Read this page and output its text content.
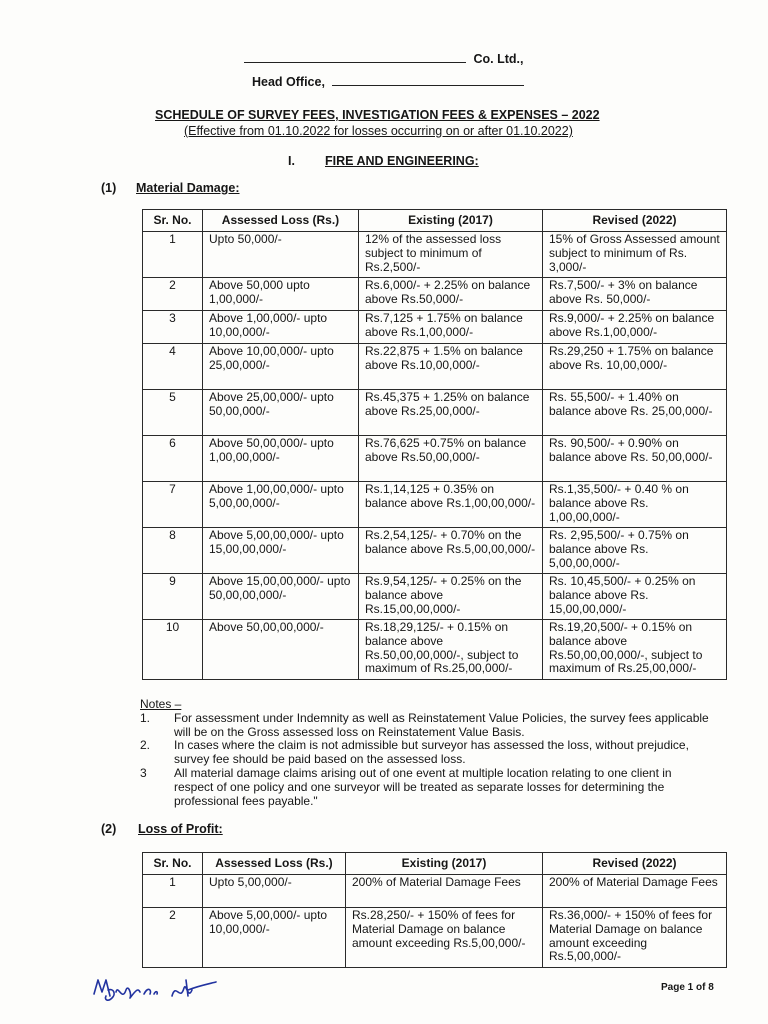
Co. Ltd.,
Head Office,
SCHEDULE OF SURVEY FEES, INVESTIGATION FEES & EXPENSES – 2022
(Effective from 01.10.2022 for losses occurring on or after 01.10.2022)
I. FIRE AND ENGINEERING:
(1) Material Damage:
Sr. No.	Assessed Loss (Rs.)	Existing (2017)	Revised (2022)
1	Upto 50,000/-	12% of the assessed loss subject to minimum of Rs.2,500/-	15% of Gross Assessed amount subject to minimum of Rs. 3,000/-
2	Above 50,000 upto 1,00,000/-	Rs.6,000/- + 2.25% on balance above Rs.50,000/-	Rs.7,500/- + 3% on balance above Rs. 50,000/-
3	Above 1,00,000/- upto 10,00,000/-	Rs.7,125 + 1.75% on balance above Rs.1,00,000/-	Rs.9,000/- + 2.25% on balance above Rs.1,00,000/-
4	Above 10,00,000/- upto 25,00,000/-	Rs.22,875 + 1.5% on balance above Rs.10,00,000/-	Rs.29,250 + 1.75% on balance above Rs. 10,00,000/-
5	Above 25,00,000/- upto 50,00,000/-	Rs.45,375 + 1.25% on balance above Rs.25,00,000/-	Rs. 55,500/- + 1.40% on balance above Rs. 25,00,000/-
6	Above 50,00,000/- upto 1,00,00,000/-	Rs.76,625 +0.75% on balance above Rs.50,00,000/-	Rs. 90,500/- + 0.90% on balance above Rs. 50,00,000/-
7	Above 1,00,00,000/- upto 5,00,00,000/-	Rs.1,14,125 + 0.35% on balance above Rs.1,00,00,000/-	Rs.1,35,500/- + 0.40 % on balance above Rs. 1,00,00,000/-
8	Above 5,00,00,000/- upto 15,00,00,000/-	Rs.2,54,125/- + 0.70% on the balance above Rs.5,00,00,000/-	Rs. 2,95,500/- + 0.75% on balance above Rs. 5,00,00,000/-
9	Above 15,00,00,000/- upto 50,00,00,000/-	Rs.9,54,125/- + 0.25% on the balance above Rs.15,00,00,000/-	Rs. 10,45,500/- + 0.25% on balance above Rs. 15,00,00,000/-
10	Above 50,00,00,000/-	Rs.18,29,125/- + 0.15% on balance above Rs.50,00,00,000/-, subject to maximum of Rs.25,00,000/-	Rs.19,20,500/- + 0.15% on balance above Rs.50,00,00,000/-, subject to maximum of Rs.25,00,000/-
Notes –
1. For assessment under Indemnity as well as Reinstatement Value Policies, the survey fees applicable will be on the Gross assessed loss on Reinstatement Value Basis.
2. In cases where the claim is not admissible but surveyor has assessed the loss, without prejudice, survey fee should be paid based on the assessed loss.
3 All material damage claims arising out of one event at multiple location relating to one client in respect of one policy and one surveyor will be treated as separate losses for determining the professional fees payable."
(2) Loss of Profit:
Sr. No.	Assessed Loss (Rs.)	Existing (2017)	Revised (2022)
1	Upto 5,00,000/-	200% of Material Damage Fees	200% of Material Damage Fees
2	Above 5,00,000/- upto 10,00,000/-	Rs.28,250/- + 150% of fees for Material Damage on balance amount exceeding Rs.5,00,000/-	Rs.36,000/- + 150% of fees for Material Damage on balance amount exceeding Rs.5,00,000/-
Page 1 of 8
